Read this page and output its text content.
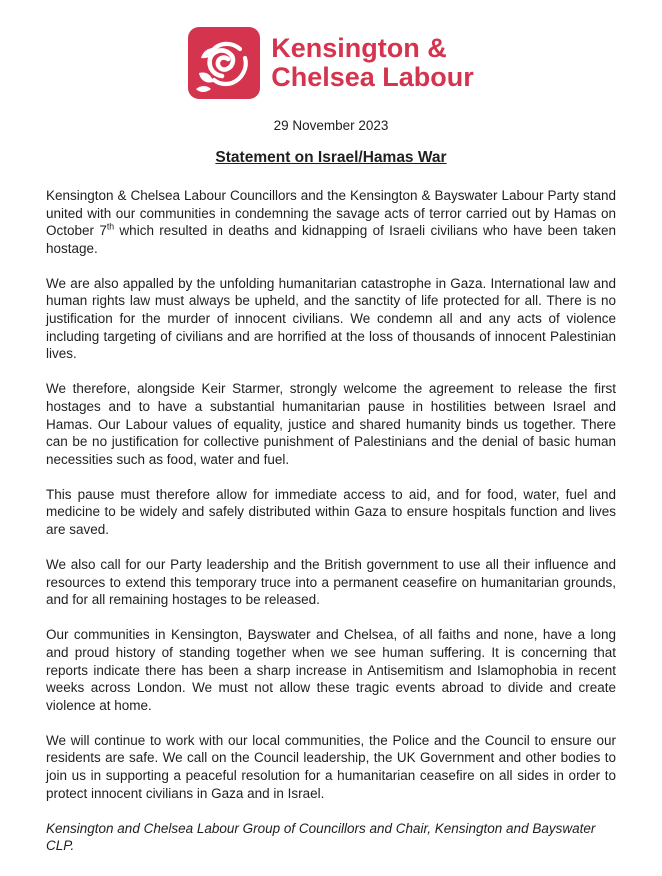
Kensington &
Chelsea Labour
29 November 2023
Statement on Israel/Hamas War

Kensington & Chelsea Labour Councillors and the Kensington & Bayswater Labour Party stand united with our communities in condemning the savage acts of terror carried out by Hamas on October 7th which resulted in deaths and kidnapping of Israeli civilians who have been taken hostage.

We are also appalled by the unfolding humanitarian catastrophe in Gaza. International law and human rights law must always be upheld, and the sanctity of life protected for all. There is no justification for the murder of innocent civilians. We condemn all and any acts of violence including targeting of civilians and are horrified at the loss of thousands of innocent Palestinian lives.

We therefore, alongside Keir Starmer, strongly welcome the agreement to release the first hostages and to have a substantial humanitarian pause in hostilities between Israel and Hamas. Our Labour values of equality, justice and shared humanity binds us together. There can be no justification for collective punishment of Palestinians and the denial of basic human necessities such as food, water and fuel.

This pause must therefore allow for immediate access to aid, and for food, water, fuel and medicine to be widely and safely distributed within Gaza to ensure hospitals function and lives are saved.

We also call for our Party leadership and the British government to use all their influence and resources to extend this temporary truce into a permanent ceasefire on humanitarian grounds, and for all remaining hostages to be released.

Our communities in Kensington, Bayswater and Chelsea, of all faiths and none, have a long and proud history of standing together when we see human suffering. It is concerning that reports indicate there has been a sharp increase in Antisemitism and Islamophobia in recent weeks across London. We must not allow these tragic events abroad to divide and create violence at home.

We will continue to work with our local communities, the Police and the Council to ensure our residents are safe. We call on the Council leadership, the UK Government and other bodies to join us in supporting a peaceful resolution for a humanitarian ceasefire on all sides in order to protect innocent civilians in Gaza and in Israel.

Kensington and Chelsea Labour Group of Councillors and Chair, Kensington and Bayswater CLP.
